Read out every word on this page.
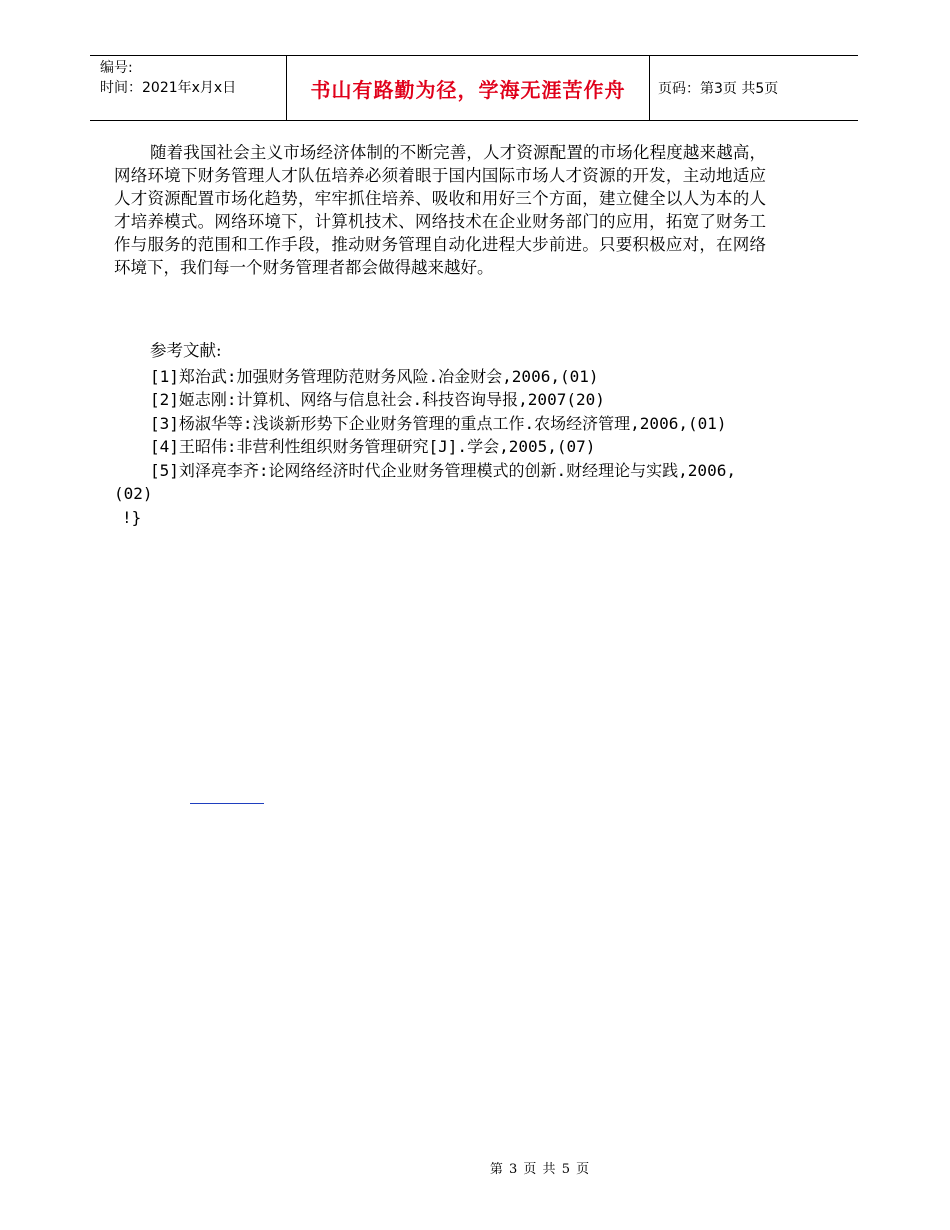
编号:
时间：2021年x月x日	书山有路勤为径，学海无涯苦作舟	页码：第3页 共5页

随着我国社会主义市场经济体制的不断完善，人才资源配置的市场化程度越来越高，网络环境下财务管理人才队伍培养必须着眼于国内国际市场人才资源的开发，主动地适应人才资源配置市场化趋势，牢牢抓住培养、吸收和用好三个方面，建立健全以人为本的人才培养模式。网络环境下，计算机技术、网络技术在企业财务部门的应用，拓宽了财务工作与服务的范围和工作手段，推动财务管理自动化进程大步前进。只要积极应对，在网络环境下，我们每一个财务管理者都会做得越来越好。

参考文献:

[1]郑治武:加强财务管理防范财务风险.冶金财会,2006,(01)

[2]姬志刚:计算机、网络与信息社会.科技咨询导报,2007(20)

[3]杨淑华等:浅谈新形势下企业财务管理的重点工作.农场经济管理,2006,(01)

[4]王昭伟:非营利性组织财务管理研究[J].学会,2005,(07)

[5]刘泽亮李齐:论网络经济时代企业财务管理模式的创新.财经理论与实践,2006,(02)

!}

第 3 页 共 5 页
